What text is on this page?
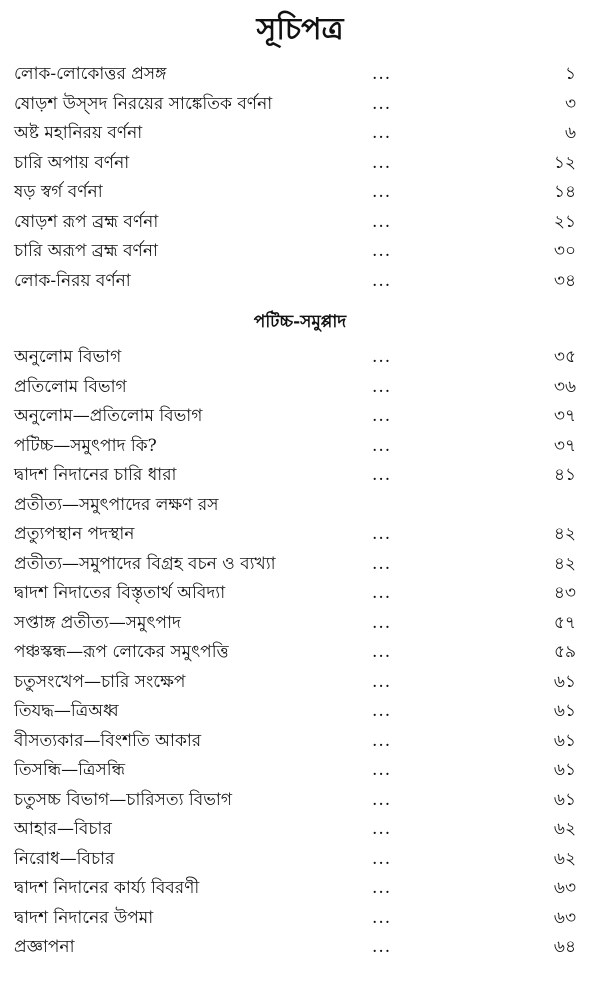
সূচিপত্র
লোক-লোকোত্তর প্রসঙ্গ	...	১
ষোড়শ উস্সদ নিরয়ের সাঙ্কেতিক বর্ণনা	...	৩
অষ্ট মহানিরয় বর্ণনা	...	৬
চারি অপায় বর্ণনা	...	১২
ষড় স্বর্গ বর্ণনা	...	১৪
ষোড়শ রূপ ব্রহ্ম বর্ণনা	...	২১
চারি অরূপ ব্রহ্ম বর্ণনা	...	৩০
লোক-নিরয় বর্ণনা	...	৩৪
পটিচ্চ-সমুপ্পাদ
অনুলোম বিভাগ	...	৩৫
প্রতিলোম বিভাগ	...	৩৬
অনুলোম—প্রতিলোম বিভাগ	...	৩৭
পটিচ্চ—সমুৎপাদ কি?	...	৩৭
দ্বাদশ নিদানের চারি ধারা	...	৪১
প্রতীত্য—সমুৎপাদের লক্ষণ রস
প্রত্যুপস্থান পদস্থান	...	৪২
প্রতীত্য—সমুপাদের বিগ্রহ বচন ও ব্যখ্যা	...	৪২
দ্বাদশ নিদাতের বিস্তৃতার্থ অবিদ্যা	...	৪৩
সপ্তাঙ্গ প্রতীত্য—সমুৎপাদ	...	৫৭
পঞ্চস্কন্ধ—রূপ লোকের সমুৎপত্তি	...	৫৯
চতুসংখেপ—চারি সংক্ষেপ	...	৬১
তিযদ্ধ—ত্রিঅধ্ব	...	৬১
বীসত্যকার—বিংশতি আকার	...	৬১
তিসন্ধি—ত্রিসন্ধি	...	৬১
চতুসচ্চ বিভাগ—চারিসত্য বিভাগ	...	৬১
আহার—বিচার	...	৬২
নিরোধ—বিচার	...	৬২
দ্বাদশ নিদানের কার্য্য বিবরণী	...	৬৩
দ্বাদশ নিদানের উপমা	...	৬৩
প্রজ্ঞাপনা	...	৬৪
